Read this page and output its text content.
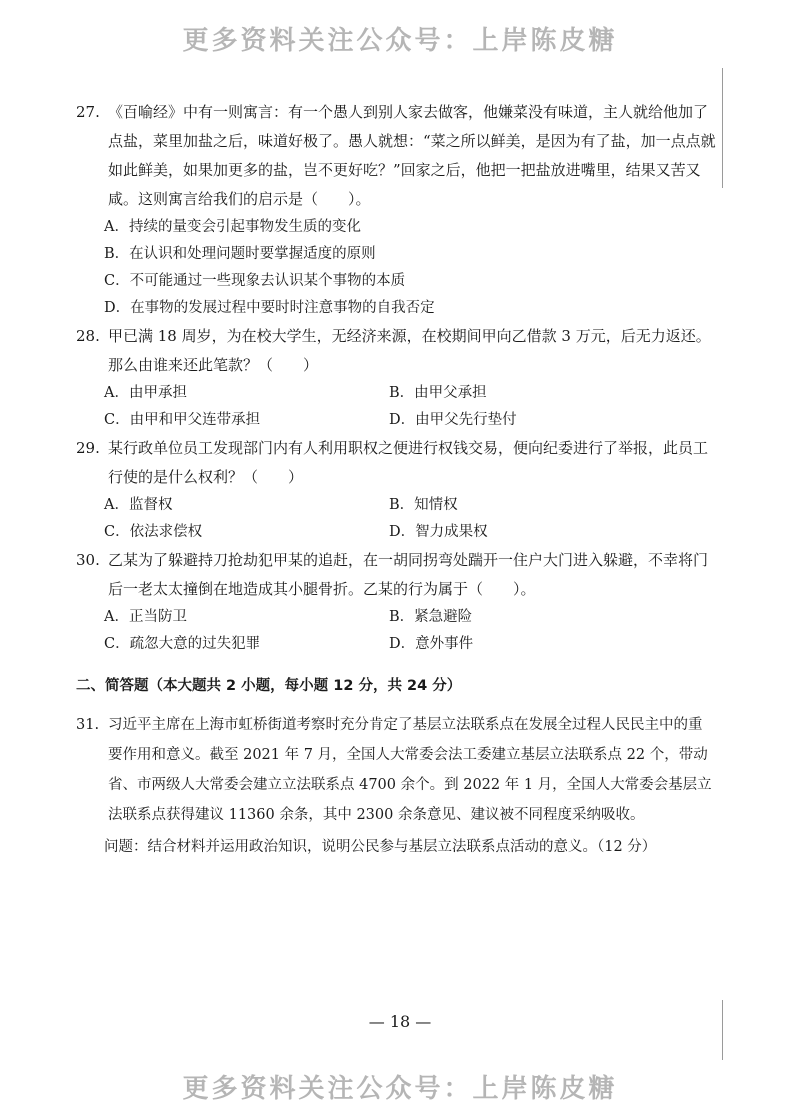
更多资料关注公众号：上岸陈皮糖

27. 《百喻经》中有一则寓言：有一个愚人到别人家去做客，他嫌菜没有味道，主人就给他加了点盐，菜里加盐之后，味道好极了。愚人就想：“菜之所以鲜美，是因为有了盐，加一点点就如此鲜美，如果加更多的盐，岂不更好吃？”回家之后，他把一把盐放进嘴里，结果又苦又咸。这则寓言给我们的启示是（　　）。

A．持续的量变会引起事物发生质的变化
B．在认识和处理问题时要掌握适度的原则
C．不可能通过一些现象去认识某个事物的本质
D．在事物的发展过程中要时时注意事物的自我否定

28. 甲已满 18 周岁，为在校大学生，无经济来源，在校期间甲向乙借款 3 万元，后无力返还。那么由谁来还此笔款？（　　）

A．由甲承担	B．由甲父承担
C．由甲和甲父连带承担	D．由甲父先行垫付

29. 某行政单位员工发现部门内有人利用职权之便进行权钱交易，便向纪委进行了举报，此员工行使的是什么权利？（　　）

A．监督权	B．知情权
C．依法求偿权	D．智力成果权

30. 乙某为了躲避持刀抢劫犯甲某的追赶，在一胡同拐弯处踹开一住户大门进入躲避，不幸将门后一老太太撞倒在地造成其小腿骨折。乙某的行为属于（　　）。

A．正当防卫	B．紧急避险
C．疏忽大意的过失犯罪	D．意外事件
二、简答题（本大题共 2 小题，每小题 12 分，共 24 分）

31. 习近平主席在上海市虹桥街道考察时充分肯定了基层立法联系点在发展全过程人民民主中的重要作用和意义。截至 2021 年 7 月，全国人大常委会法工委建立基层立法联系点 22 个，带动省、市两级人大常委会建立立法联系点 4700 余个。到 2022 年 1 月，全国人大常委会基层立法联系点获得建议 11360 余条，其中 2300 余条意见、建议被不同程度采纳吸收。

问题：结合材料并运用政治知识，说明公民参与基层立法联系点活动的意义。（12 分）
— 18 —
更多资料关注公众号：上岸陈皮糖
